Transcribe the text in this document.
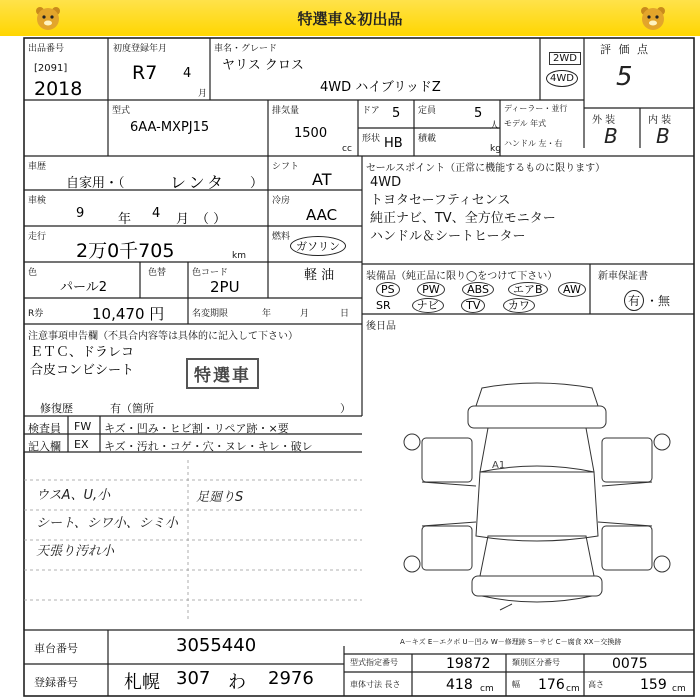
特選車＆初出品
出品番号
[2091]
2018
初度登録年月
R7 4
月
車名・グレード
ヤリス クロス
4WD ハイブリッドZ
2WD
4WD
評 価 点
5
型式
6AA-MXPJ15
排気量
1500
cc
ドア 5 定員	5
人
形状 HB 積載
kg
ディーラー・並行
モデル 年式
ハンドル 左・右
外 装	内 装
B B
車歴
自家用・（	レンタ ）
シフト
AT
車検
9	年 4 月 （ ）
冷房
AAC
走行
2万0千705	km
燃料
ガソリン
軽 油
色
パール2
色替	色コード
2PU
R券	10,470 円	名変期限	年	月	日
セールスポイント（正常に機能するものに限ります）
4WD
トヨタセーフティセンス
純正ナビ、TV、全方位モニター
ハンドル＆シートヒーター
装備品（純正品に限り◯をつけて下さい）
PS PW ABS エアB AW
SR ナビ TV カワ
後日品
新車保証書
有 ・無
注意事項申告欄（不具合内容等は具体的に記入して下さい）
ＥＴＣ、ドラレコ
合皮コンビシート	特選車
修復歴	有（箇所	）
検査員
記入欄
FW
EX
キズ・凹み・ヒビ割・リペア跡・×要
キズ・汚れ・コゲ・穴・ヌレ・キレ・破レ
ウスA、U,小
シート、シワ小、シミ小
天張り汚れ小
足廻りS
A1
車台番号	3055440
登録番号	札幌 307 わ 2976
A－キズ E－エクボ U－凹み W－修理跡 S－サビ C－腐食 XX－交換跡
型式指定番号	19872	類別区分番号	0075
車体寸法 長さ	418 cm 幅 176 cm 高さ	159 cm
